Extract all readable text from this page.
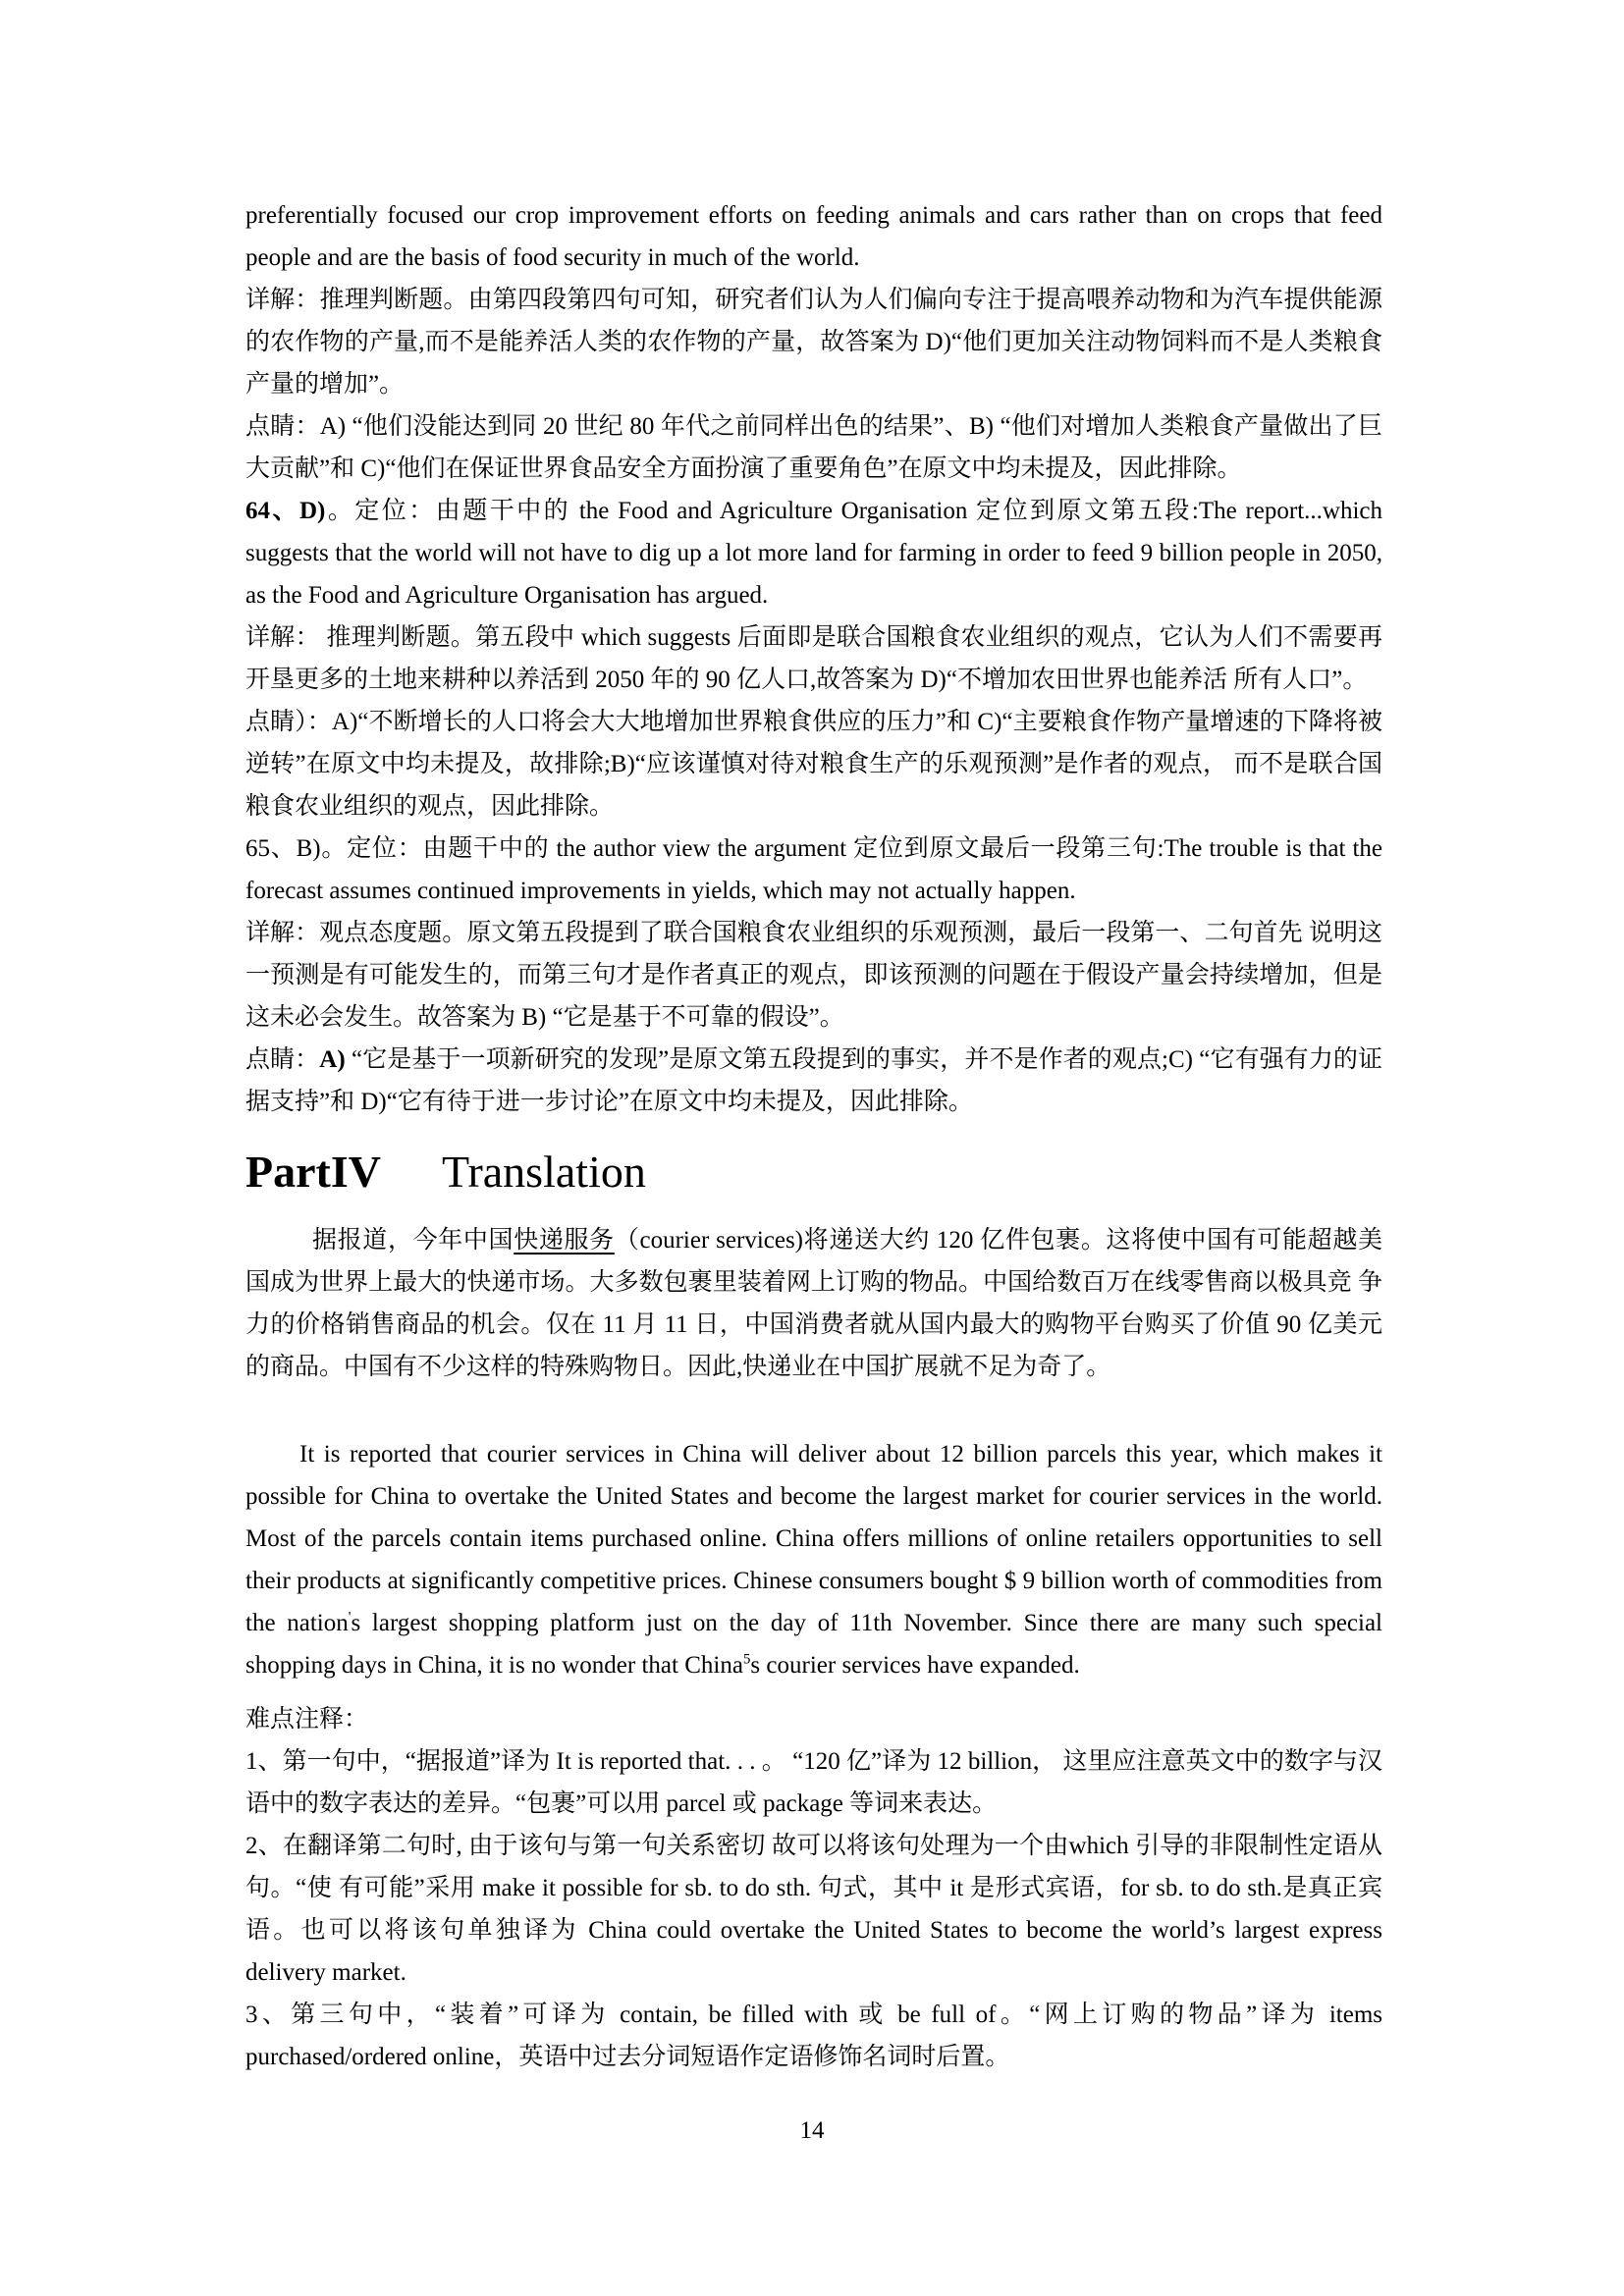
preferentially focused our crop improvement efforts on feeding animals and cars rather than on crops that feed people and are the basis of food security in much of the world.
详解：推理判断题。由第四段第四句可知，研究者们认为人们偏向专注于提高喂养动物和为汽车提供能源的农作物的产量,而不是能养活人类的农作物的产量，故答案为 D)“他们更加关注动物饲料而不是人类粮食产量的增加”。
点睛：A) “他们没能达到同 20 世纪 80 年代之前同样出色的结果”、B) “他们对增加人类粮食产量做出了巨大贡献”和 C)“他们在保证世界食品安全方面扮演了重要角色”在原文中均未提及，因此排除。
64、D)。定位：由题干中的 the Food and Agriculture Organisation 定位到原文第五段:The report...which suggests that the world will not have to dig up a lot more land for farming in order to feed 9 billion people in 2050, as the Food and Agriculture Organisation has argued.
详解： 推理判断题。第五段中 which suggests 后面即是联合国粮食农业组织的观点，它认为人们不需要再开垦更多的土地来耕种以养活到 2050 年的 90 亿人口,故答案为 D)“不增加农田世界也能养活 所有人口”。
点睛）：A)“不断增长的人口将会大大地增加世界粮食供应的压力”和 C)“主要粮食作物产量增速的下降将被逆转”在原文中均未提及，故排除;B)“应该谨慎对待对粮食生产的乐观预测”是作者的观点， 而不是联合国粮食农业组织的观点，因此排除。
65、B)。定位：由题干中的 the author view the argument 定位到原文最后一段第三句:The trouble is that the forecast assumes continued improvements in yields, which may not actually happen.
详解：观点态度题。原文第五段提到了联合国粮食农业组织的乐观预测，最后一段第一、二句首先 说明这一预测是有可能发生的，而第三句才是作者真正的观点，即该预测的问题在于假设产量会持续增加，但是这未必会发生。故答案为 B) “它是基于不可靠的假设”。
点睛：A) “它是基于一项新研究的发现”是原文第五段提到的事实，并不是作者的观点;C) “它有强有力的证据支持”和 D)“它有待于进一步讨论”在原文中均未提及，因此排除。
PartIV Translation
据报道，今年中国快递服务（courier services)将递送大约 120 亿件包裹。这将使中国有可能超越美国成为世界上最大的快递市场。大多数包裹里装着网上订购的物品。中国给数百万在线零售商以极具竞 争力的价格销售商品的机会。仅在 11 月 11 日，中国消费者就从国内最大的购物平台购买了价值 90 亿美元的商品。中国有不少这样的特殊购物日。因此,快递业在中国扩展就不足为奇了。
It is reported that courier services in China will deliver about 12 billion parcels this year, which makes it possible for China to overtake the United States and become the largest market for courier services in the world. Most of the parcels contain items purchased online. China offers millions of online retailers opportunities to sell their products at significantly competitive prices. Chinese consumers bought $ 9 billion worth of commodities from the nation's largest shopping platform just on the day of 11th November. Since there are many such special shopping days in China, it is no wonder that China$^5$s courier services have expanded.
难点注释：
1、第一句中，“据报道”译为 It is reported that. . . 。 “120 亿”译为 12 billion， 这里应注意英文中的数字与汉语中的数字表达的差异。“包裹”可以用 parcel 或 package 等词来表达。
2、在翻译第二句时, 由于该句与第一句关系密切 故可以将该句处理为一个由which 引导的非限制性定语从句。“使 有可能”采用 make it possible for sb. to do sth. 句式，其中 it 是形式宾语，for sb. to do sth.是真正宾语。也可以将该句单独译为 China could overtake the United States to become the world’s largest express delivery market.
3、第三句中，“装着”可译为 contain, be filled with 或 be full of。“网上订购的物品”译为 items purchased/ordered online，英语中过去分词短语作定语修饰名词时后置。
14
